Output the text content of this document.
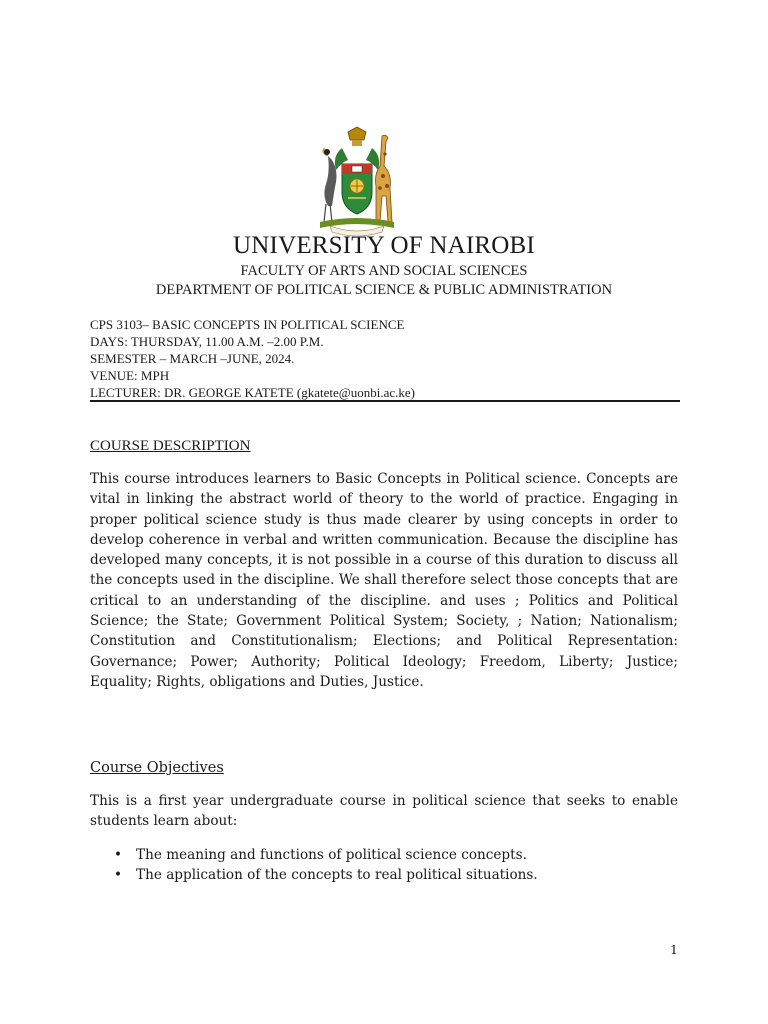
UNIVERSITY OF NAIROBI
FACULTY OF ARTS AND SOCIAL SCIENCES
DEPARTMENT OF POLITICAL SCIENCE & PUBLIC ADMINISTRATION
CPS 3103– BASIC CONCEPTS IN POLITICAL SCIENCE
DAYS: THURSDAY, 11.00 A.M. –2.00 P.M.
SEMESTER – MARCH –JUNE, 2024.
VENUE: MPH
LECTURER: DR. GEORGE KATETE (gkatete@uonbi.ac.ke)
COURSE DESCRIPTION
This course introduces learners to Basic Concepts in Political science. Concepts are vital in linking the abstract world of theory to the world of practice. Engaging in proper political science study is thus made clearer by using concepts in order to develop coherence in verbal and written communication. Because the discipline has developed many concepts, it is not possible in a course of this duration to discuss all the concepts used in the discipline. We shall therefore select those concepts that are critical to an understanding of the discipline. and uses ; Politics and Political Science; the State; Government Political System; Society, ; Nation; Nationalism; Constitution and Constitutionalism; Elections; and Political Representation: Governance; Power; Authority; Political Ideology; Freedom, Liberty; Justice; Equality; Rights, obligations and Duties, Justice.
Course Objectives
This is a first year undergraduate course in political science that seeks to enable students learn about:
• The meaning and functions of political science concepts.
• The application of the concepts to real political situations.
1
